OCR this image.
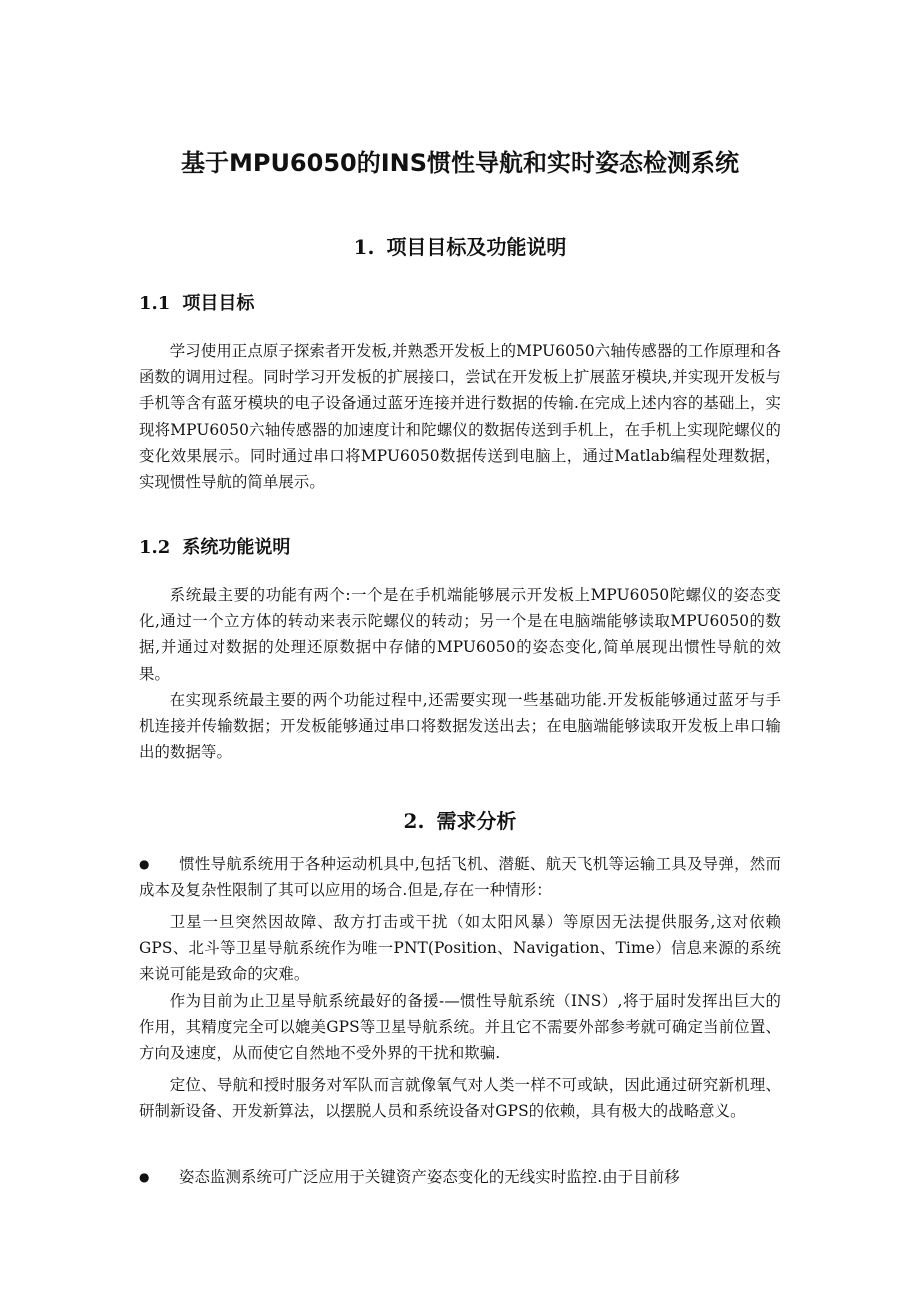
基于MPU6050的INS惯性导航和实时姿态检测系统
1. 项目目标及功能说明
1.1 项目目标
学习使用正点原子探索者开发板,并熟悉开发板上的MPU6050六轴传感器的工作原理和各函数的调用过程。同时学习开发板的扩展接口，尝试在开发板上扩展蓝牙模块,并实现开发板与手机等含有蓝牙模块的电子设备通过蓝牙连接并进行数据的传输.在完成上述内容的基础上，实现将MPU6050六轴传感器的加速度计和陀螺仪的数据传送到手机上，在手机上实现陀螺仪的变化效果展示。同时通过串口将MPU6050数据传送到电脑上，通过Matlab编程处理数据，实现惯性导航的简单展示。
1.2 系统功能说明
系统最主要的功能有两个:一个是在手机端能够展示开发板上MPU6050陀螺仪的姿态变化,通过一个立方体的转动来表示陀螺仪的转动；另一个是在电脑端能够读取MPU6050的数据,并通过对数据的处理还原数据中存储的MPU6050的姿态变化,简单展现出惯性导航的效果。
在实现系统最主要的两个功能过程中,还需要实现一些基础功能.开发板能够通过蓝牙与手机连接并传输数据；开发板能够通过串口将数据发送出去；在电脑端能够读取开发板上串口输出的数据等。
2. 需求分析
● 惯性导航系统用于各种运动机具中,包括飞机、潜艇、航天飞机等运输工具及导弹，然而成本及复杂性限制了其可以应用的场合.但是,存在一种情形：
卫星一旦突然因故障、敌方打击或干扰（如太阳风暴）等原因无法提供服务,这对依赖GPS、北斗等卫星导航系统作为唯一PNT(Position、Navigation、Time）信息来源的系统来说可能是致命的灾难。
作为目前为止卫星导航系统最好的备援-—惯性导航系统（INS）,将于届时发挥出巨大的作用，其精度完全可以媲美GPS等卫星导航系统。并且它不需要外部参考就可确定当前位置、方向及速度，从而使它自然地不受外界的干扰和欺骗.
定位、导航和授时服务对军队而言就像氧气对人类一样不可或缺，因此通过研究新机理、研制新设备、开发新算法，以摆脱人员和系统设备对GPS的依赖，具有极大的战略意义。
● 姿态监测系统可广泛应用于关键资产姿态变化的无线实时监控.由于目前移
